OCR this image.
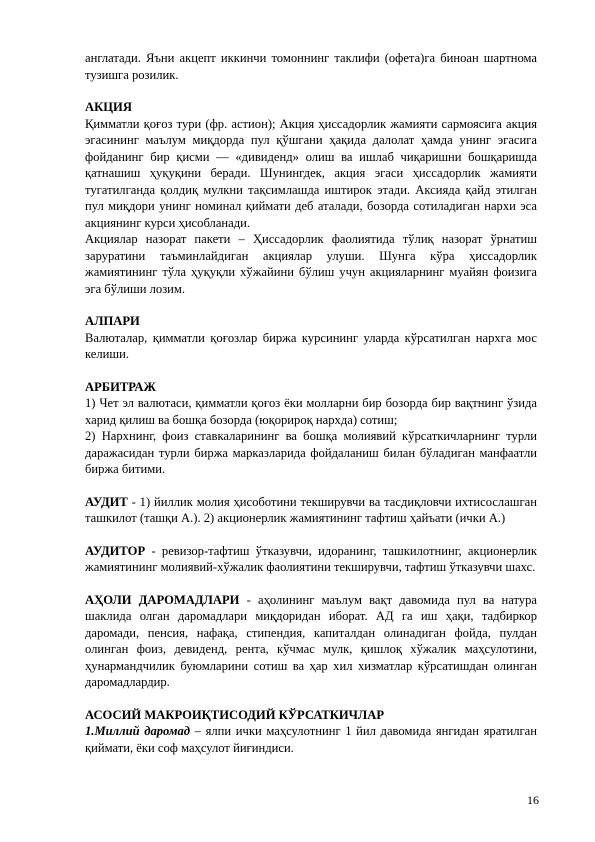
англатади. Яъни акцепт иккинчи томоннинг таклифи (офета)га биноан шартнома тузишга розилик.

АКЦИЯ

Қимматли қоғоз тури (фр. астион); Акция ҳиссадорлик жамияти сармоясига акция эгасининг маълум миқдорда пул қўшгани ҳақида далолат ҳамда унинг эгасига фойданинг бир қисми — «дивиденд» олиш ва ишлаб чиқаришни бошқаришда қатнашиш ҳуқуқини беради. Шунингдек, акция эгаси ҳиссадорлик жамияти тугатилганда қолдиқ мулкни тақсимлашда иштирок этади. Аксияда қайд этилган пул миқдори унинг номинал қиймати деб аталади, бозорда сотиладиган нархи эса акциянинг курси ҳисобланади.

Акциялар назорат пакети – Ҳиссадорлик фаолиятида тўлиқ назорат ўрнатиш заруратини таъминлайдиган акциялар улуши. Шунга кўра ҳиссадорлик жамиятининг тўла ҳуқуқли хўжайини бўлиш учун акцияларнинг муайян фоизига эга бўлиши лозим.

АЛПАРИ

Валюталар, қимматли қоғозлар биржа курсининг уларда кўрсатилган нархга мос келиши.

АРБИТРАЖ

1) Чет эл валютаси, қимматли қоғоз ёки молларни бир бозорда бир вақтнинг ўзида харид қилиш ва бошқа бозорда (юқорироқ нархда) сотиш;

2) Нархнинг, фоиз ставкаларининг ва бошқа молиявий кўрсаткичларнинг турли даражасидан турли биржа марказларида фойдаланиш билан бўладиган манфаатли биржа битими.

АУДИТ - 1) йиллик молия ҳисоботини текширувчи ва тасдиқловчи ихтисослашган ташкилот (ташқи А.). 2) акционерлик жамиятининг тафтиш ҳайъати (ички А.)

АУДИТОР - ревизор-тафтиш ўтказувчи, идоранинг, ташкилотнинг, акционерлик жамиятининг молиявий-хўжалик фаолиятини текширувчи, тафтиш ўтказувчи шахс.

АҲОЛИ ДАРОМАДЛАРИ - аҳолининг маълум вақт давомида пул ва натура шаклида олган даромадлари миқдоридан иборат. АД га иш ҳақи, тадбиркор даромади, пенсия, нафақа, стипендия, капиталдан олинадиган фойда, пулдан олинган фоиз, девиденд, рента, кўчмас мулк, қишлоқ хўжалик маҳсулотини, ҳунармандчилик буюмларини сотиш ва ҳар хил хизматлар кўрсатишдан олинган даромадлардир.

АСОСИЙ МАКРОИҚТИСОДИЙ КЎРСАТКИЧЛАР

1.Миллий даромад – ялпи ички маҳсулотнинг 1 йил давомида янгидан яратилган қиймати, ёки соф маҳсулот йиғиндиси.

16
